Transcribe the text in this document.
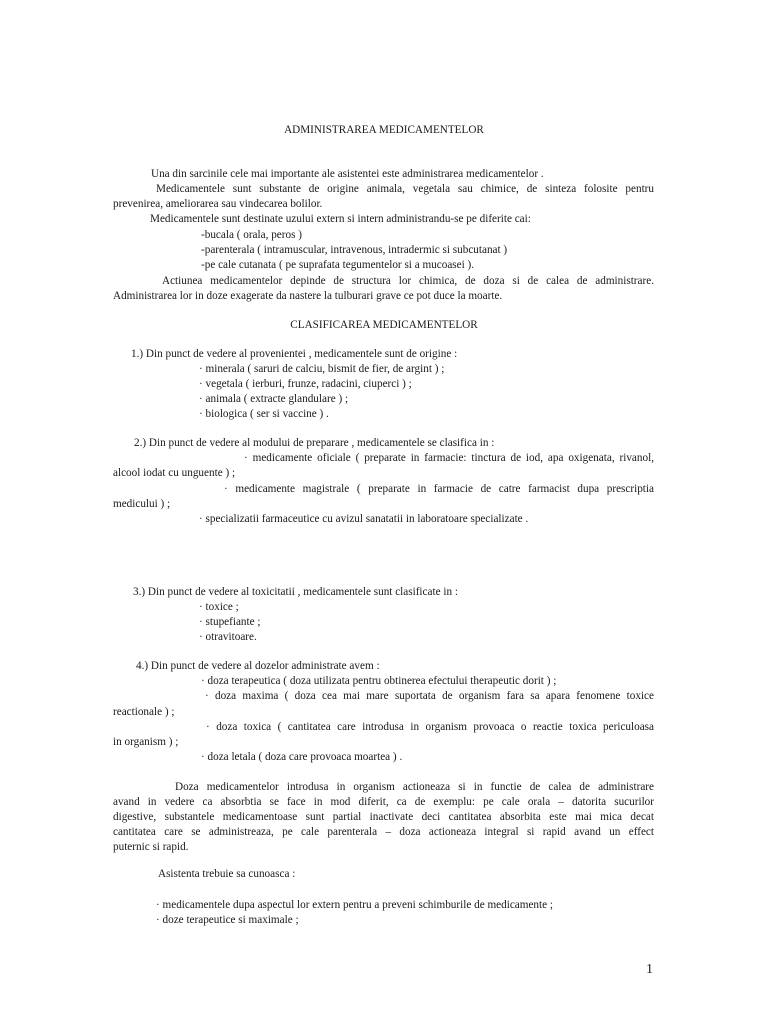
ADMINISTRAREA MEDICAMENTELOR
Una din sarcinile cele mai importante ale asistentei este administrarea medicamentelor .
Medicamentele sunt substante de origine animala, vegetala sau chimice, de sinteza folosite pentru
prevenirea, ameliorarea sau vindecarea bolilor.
Medicamentele sunt destinate uzului extern si intern administrandu-se pe diferite cai:
-bucala ( orala, peros )
-parenterala ( intramuscular, intravenous, intradermic si subcutanat )
-pe cale cutanata ( pe suprafata tegumentelor si a mucoasei ).
Actiunea medicamentelor depinde de structura lor chimica, de doza si de calea de administrare.
Administrarea lor in doze exagerate da nastere la tulburari grave ce pot duce la moarte.
CLASIFICAREA MEDICAMENTELOR
1.) Din punct de vedere al provenientei , medicamentele sunt de origine :
· minerala ( saruri de calciu, bismit de fier, de argint ) ;
· vegetala ( ierburi, frunze, radacini, ciuperci ) ;
· animala ( extracte glandulare ) ;
· biologica ( ser si vaccine ) .
2.) Din punct de vedere al modului de preparare , medicamentele se clasifica in :
· medicamente oficiale ( preparate in farmacie: tinctura de iod, apa oxigenata, rivanol,
alcool iodat cu unguente ) ;
· medicamente magistrale ( preparate in farmacie de catre farmacist dupa prescriptia
medicului ) ;
· specializatii farmaceutice cu avizul sanatatii in laboratoare specializate .
3.) Din punct de vedere al toxicitatii , medicamentele sunt clasificate in :
· toxice ;
· stupefiante ;
· otravitoare.
4.) Din punct de vedere al dozelor administrate avem :
· doza terapeutica ( doza utilizata pentru obtinerea efectului therapeutic dorit ) ;
· doza maxima ( doza cea mai mare suportata de organism fara sa apara fenomene toxice
reactionale ) ;
· doza toxica ( cantitatea care introdusa in organism provoaca o reactie toxica periculoasa
in organism ) ;
· doza letala ( doza care provoaca moartea ) .
Doza medicamentelor introdusa in organism actioneaza si in functie de calea de administrare
avand in vedere ca absorbtia se face in mod diferit, ca de exemplu: pe cale orala – datorita sucurilor
digestive, substantele medicamentoase sunt partial inactivate deci cantitatea absorbita este mai mica decat
cantitatea care se administreaza, pe cale parenterala – doza actioneaza integral si rapid avand un effect
puternic si rapid.
Asistenta trebuie sa cunoasca :
· medicamentele dupa aspectul lor extern pentru a preveni schimburile de medicamente ;
· doze terapeutice si maximale ;
1
